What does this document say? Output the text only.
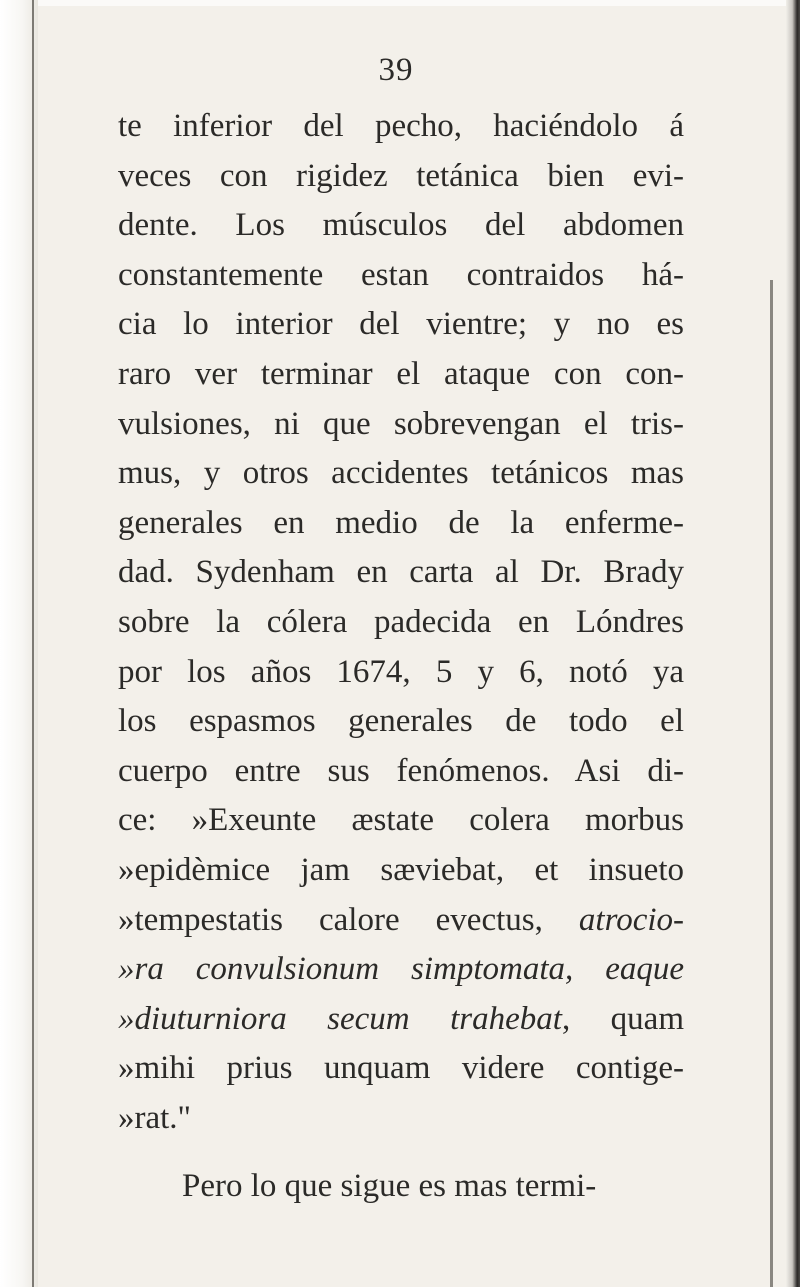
39
te inferior del pecho, haciéndolo á
veces con rigidez tetánica bien evi-
dente. Los músculos del abdomen
constantemente estan contraidos há-
cia lo interior del vientre; y no es
raro ver terminar el ataque con con-
vulsiones, ni que sobrevengan el tris-
mus, y otros accidentes tetánicos mas
generales en medio de la enferme-
dad. Sydenham en carta al Dr. Brady
sobre la cólera padecida en Lóndres
por los años 1674, 5 y 6, notó ya
los espasmos generales de todo el
cuerpo entre sus fenómenos. Asi di-
ce: »Exeunte æstate colera morbus
»epidèmice jam sæviebat, et insueto
»tempestatis calore evectus, atrocio-
»ra convulsionum simptomata, eaque
»diuturniora secum trahebat, quam
»mihi prius unquam videre contige-
»rat."
Pero lo que sigue es mas termi-
